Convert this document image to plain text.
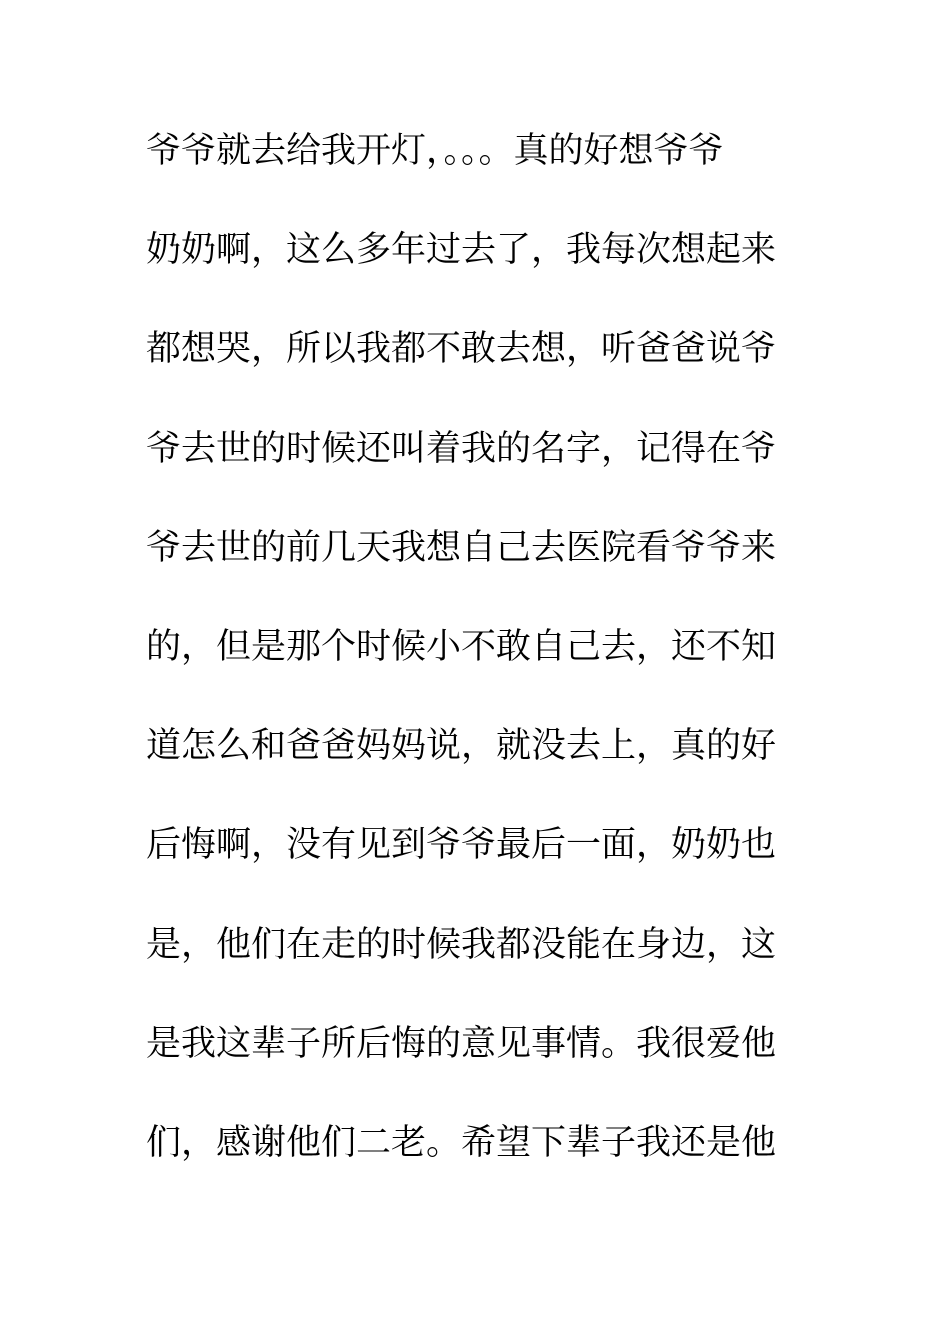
爷爷就去给我开灯，。。。真的好想爷爷
奶奶啊，这么多年过去了，我每次想起来
都想哭，所以我都不敢去想，听爸爸说爷
爷去世的时候还叫着我的名字，记得在爷
爷去世的前几天我想自己去医院看爷爷来
的，但是那个时候小不敢自己去，还不知
道怎么和爸爸妈妈说，就没去上，真的好
后悔啊，没有见到爷爷最后一面，奶奶也
是，他们在走的时候我都没能在身边，这
是我这辈子所后悔的意见事情。我很爱他
们，感谢他们二老。希望下辈子我还是他
